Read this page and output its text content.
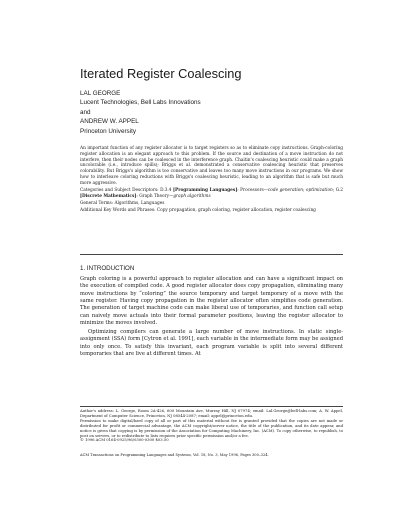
Iterated Register Coalescing
LAL GEORGE
Lucent Technologies, Bell Labs Innovations
and
ANDREW W. APPEL
Princeton University

An important function of any register allocator is to target registers so as to eliminate copy instructions. Graph-coloring register allocation is an elegant approach to this problem. If the source and destination of a move instruction do not interfere, then their nodes can be coalesced in the interference graph. Chaitin's coalescing heuristic could make a graph uncolorable (i.e., introduce spills); Briggs et al. demonstrated a conservative coalescing heuristic that preserves colorability. But Briggs's algorithm is too conservative and leaves too many move instructions in our programs. We show how to interleave coloring reductions with Briggs's coalescing heuristic, leading to an algorithm that is safe but much more aggressive.

Categories and Subject Descriptors: D.3.4 [Programming Languages]: Processors—code generation; optimization; G.2 [Discrete Mathematics]: Graph Theory—graph algorithms

General Terms: Algorithms, Languages

Additional Key Words and Phrases: Copy propagation, graph coloring, register allocation, register coalescing

1. INTRODUCTION

Graph coloring is a powerful approach to register allocation and can have a significant impact on the execution of compiled code. A good register allocator does copy propagation, eliminating many move instructions by “coloring” the source temporary and target temporary of a move with the same register. Having copy propagation in the register allocator often simplifies code generation. The generation of target machine code can make liberal use of temporaries, and function call setup can naively move actuals into their formal parameter positions, leaving the register allocator to minimize the moves involved.

Optimizing compilers can generate a large number of move instructions. In static single-assignment (SSA) form [Cytron et al. 1991], each variable in the intermediate form may be assigned into only once. To satisfy this invariant, each program variable is split into several different temporaries that are live at different times. At

Author's address: L. George, Room 2A-426, 600 Mountain Ave, Murray Hill, NJ 07974; email: Lal.George@bell-labs.com; A. W. Appel, Department of Computer Science, Princeton, NJ 08544-2087; email: appel@princeton.edu.

Permission to make digital/hard copy of all or part of this material without fee is granted provided that the copies are not made or distributed for profit or commercial advantage, the ACM copyright/server notice, the title of the publication, and its date appear, and notice is given that copying is by permission of the Association for Computing Machinery, Inc. (ACM). To copy otherwise, to republish, to post on servers, or to redistribute to lists requires prior specific permission and/or a fee.

© 1996 ACM 0164-0925/96/0300-0300 $03.50

ACM Transactions on Programming Languages and Systems, Vol. 18, No. 3, May 1996, Pages 300–324.
